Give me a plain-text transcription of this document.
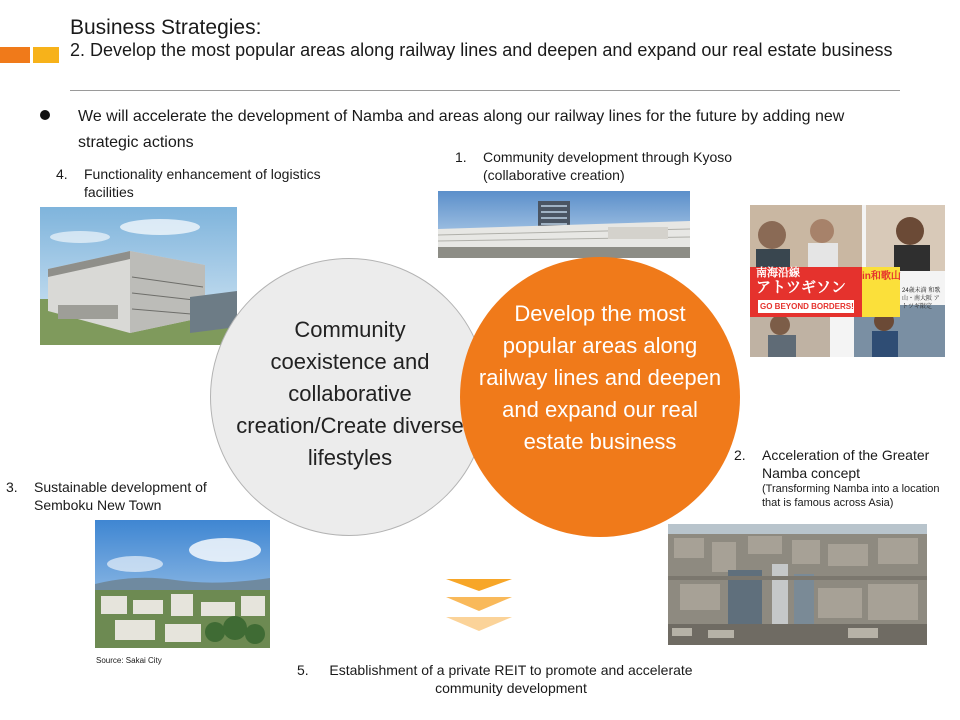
Business Strategies:
2. Develop the most popular areas along railway lines and deepen and expand our real estate business
We will accelerate the development of Namba and areas along our railway lines for the future by adding new strategic actions
4.	Functionality enhancement of logistics facilities
1.	Community development through Kyoso (collaborative creation)
南海沿線
アトツギソン
in和歌山
GO BEYOND BORDERS!
24歳未満 和歌山・南大阪 アトツギ限定
Community coexistence and collaborative creation/Create diverse lifestyles
Develop the most popular areas along railway lines and deepen and expand our real estate business
2.	Acceleration of the Greater Namba concept
(Transforming Namba into a location that is famous across Asia)
3.	Sustainable development of Semboku New Town
Source: Sakai City
5.	Establishment of a private REIT to promote and accelerate community development
